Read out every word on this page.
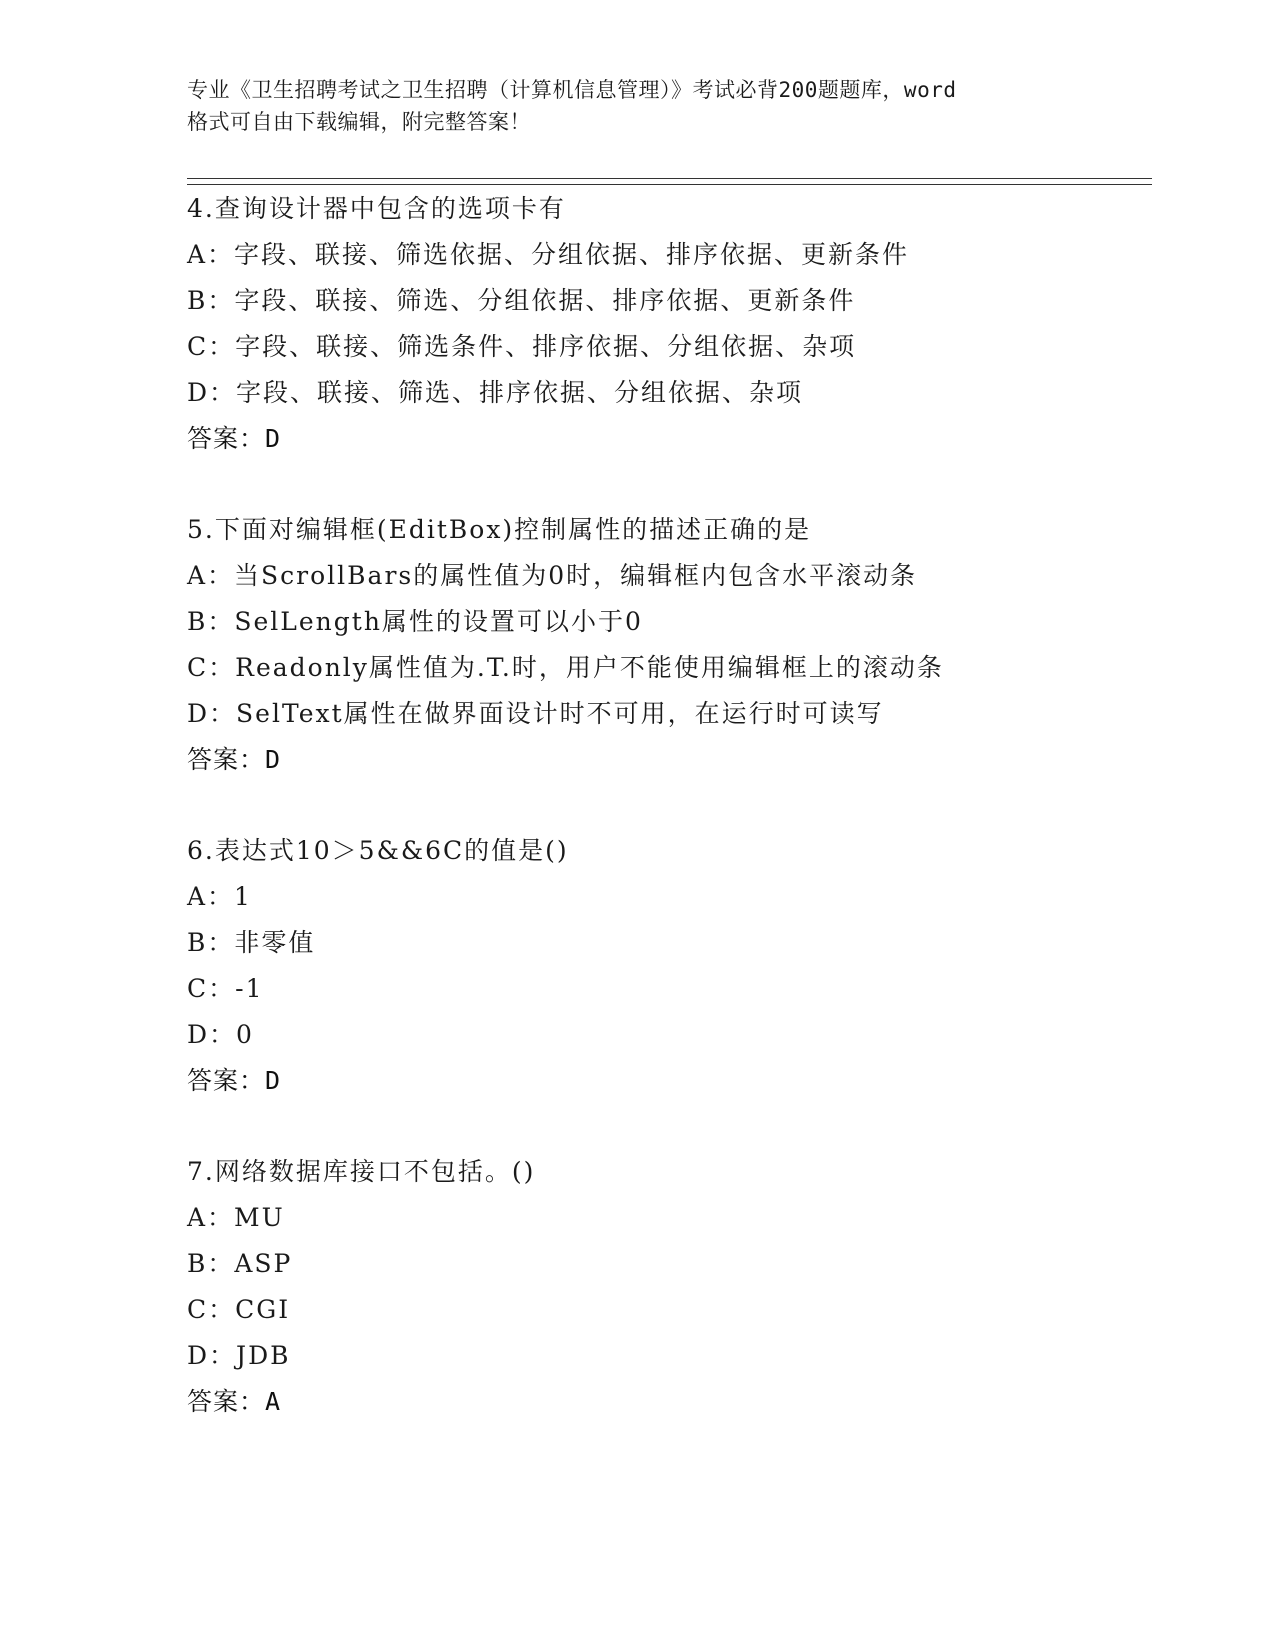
专业《卫生招聘考试之卫生招聘（计算机信息管理）》考试必背200题题库，word
格式可自由下载编辑，附完整答案！
4.查询设计器中包含的选项卡有
A：字段、联接、筛选依据、分组依据、排序依据、更新条件
B：字段、联接、筛选、分组依据、排序依据、更新条件
C：字段、联接、筛选条件、排序依据、分组依据、杂项
D：字段、联接、筛选、排序依据、分组依据、杂项
答案：D
5.下面对编辑框(EditBox)控制属性的描述正确的是
A：当ScrollBars的属性值为0时，编辑框内包含水平滚动条
B：SelLength属性的设置可以小于0
C：Readonly属性值为.T.时，用户不能使用编辑框上的滚动条
D：SelText属性在做界面设计时不可用，在运行时可读写
答案：D
6.表达式10＞5&&6C的值是()
A：1
B：非零值
C：-1
D：0
答案：D
7.网络数据库接口不包括。()
A：MU
B：ASP
C：CGI
D：JDB
答案：A
